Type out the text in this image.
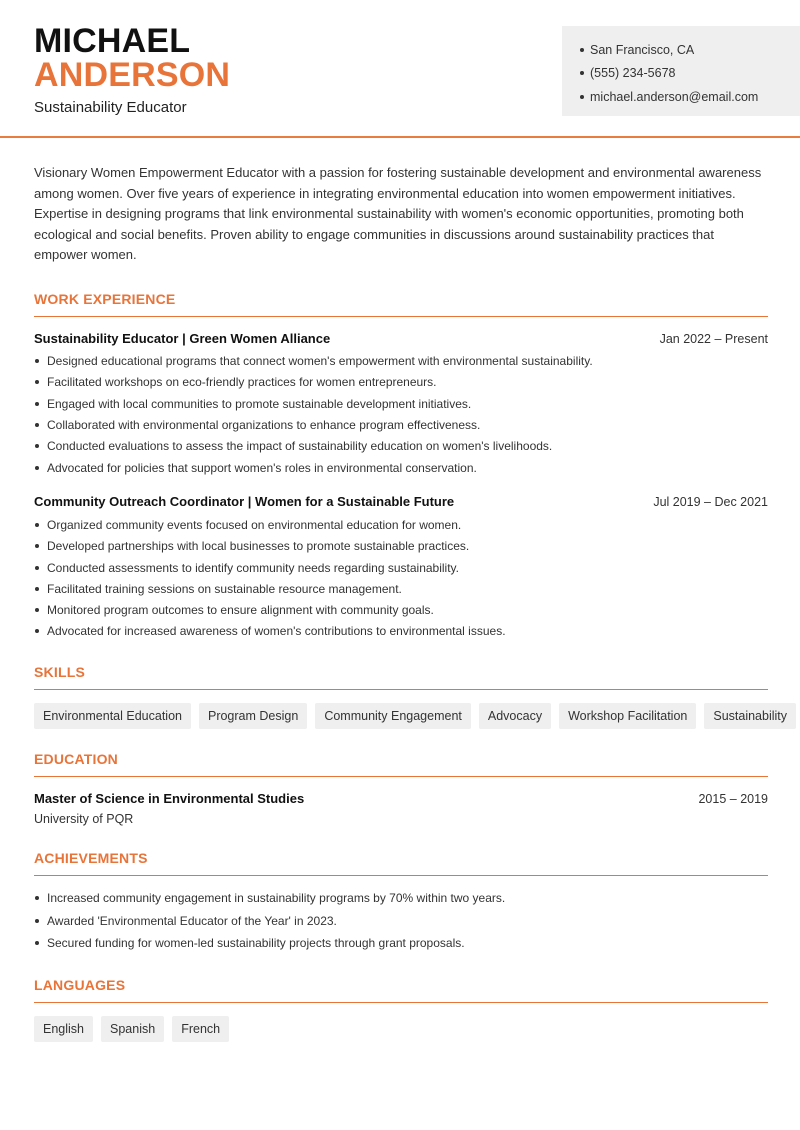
MICHAEL
ANDERSON
Sustainability Educator
San Francisco, CA
(555) 234-5678
michael.anderson@email.com

Visionary Women Empowerment Educator with a passion for fostering sustainable development and environmental awareness among women. Over five years of experience in integrating environmental education into women empowerment initiatives. Expertise in designing programs that link environmental sustainability with women's economic opportunities, promoting both ecological and social benefits. Proven ability to engage communities in discussions around sustainability practices that empower women.

WORK EXPERIENCE
Sustainability Educator | Green Women Alliance	Jan 2022 – Present
Designed educational programs that connect women's empowerment with environmental sustainability.
Facilitated workshops on eco-friendly practices for women entrepreneurs.
Engaged with local communities to promote sustainable development initiatives.
Collaborated with environmental organizations to enhance program effectiveness.
Conducted evaluations to assess the impact of sustainability education on women's livelihoods.
Advocated for policies that support women's roles in environmental conservation.
Community Outreach Coordinator | Women for a Sustainable Future	Jul 2019 – Dec 2021
Organized community events focused on environmental education for women.
Developed partnerships with local businesses to promote sustainable practices.
Conducted assessments to identify community needs regarding sustainability.
Facilitated training sessions on sustainable resource management.
Monitored program outcomes to ensure alignment with community goals.
Advocated for increased awareness of women's contributions to environmental issues.
SKILLS
Environmental Education	Program Design	Community Engagement	Advocacy	Workshop Facilitation	Sustainability
EDUCATION
Master of Science in Environmental Studies	2015 – 2019
University of PQR
ACHIEVEMENTS
Increased community engagement in sustainability programs by 70% within two years.
Awarded 'Environmental Educator of the Year' in 2023.
Secured funding for women-led sustainability projects through grant proposals.
LANGUAGES
English	Spanish	French
